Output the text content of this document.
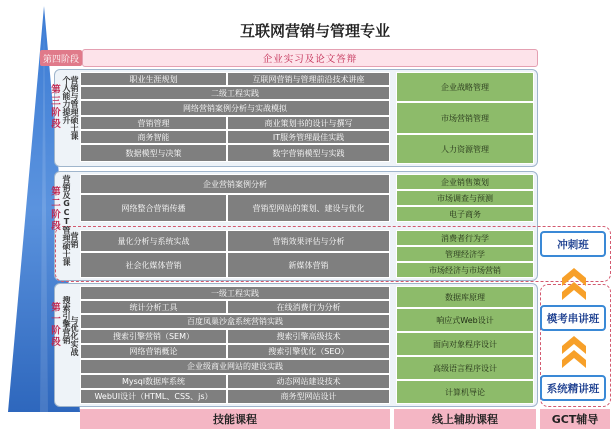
互联网营销与管理专业
第四阶段	企业实习及论文答辩
第三阶段 个人能力提升 营销与管理硕士课	职业生涯规划	互联网营销与管理前沿技术讲座
二级工程实践
网络营销案例分析与实战模拟
营销管理	商业策划书的设计与撰写
商务智能	IT服务管理最佳实践
数据模型与决策	数字营销模型与实践
企业战略管理
市场营销管理
人力资源管理
第二阶段 营销及GCT管理硕士课 营销
企业营销案例分析
网络整合营销传播	营销型网站的策划、建设与优化
量化分析与系统实战	营销效果评估与分析
社会化媒体营销	新媒体营销
企业销售策划
市场调查与预测
电子商务
消费者行为学
管理经济学
市场经济与市场营销
第一阶段 搜索引擎营销 与优化实战
一级工程实践
统计分析工具	在线消费行为分析
百度凤巢沙盒系统营销实践
搜索引擎营销（SEM）	搜索引擎高级技术
网络营销概论	搜索引擎优化（SEO）
企业级商业网站的建设实践
Mysql数据库系统	动态网站建设技术
WebUI设计（HTML、CSS、js）	商务型网站设计
数据库原理
响应式Web设计
面向对象程序设计
高级语言程序设计
计算机导论
冲刺班
模考串讲班
系统精讲班
技能课程	线上辅助课程	GCT辅导
